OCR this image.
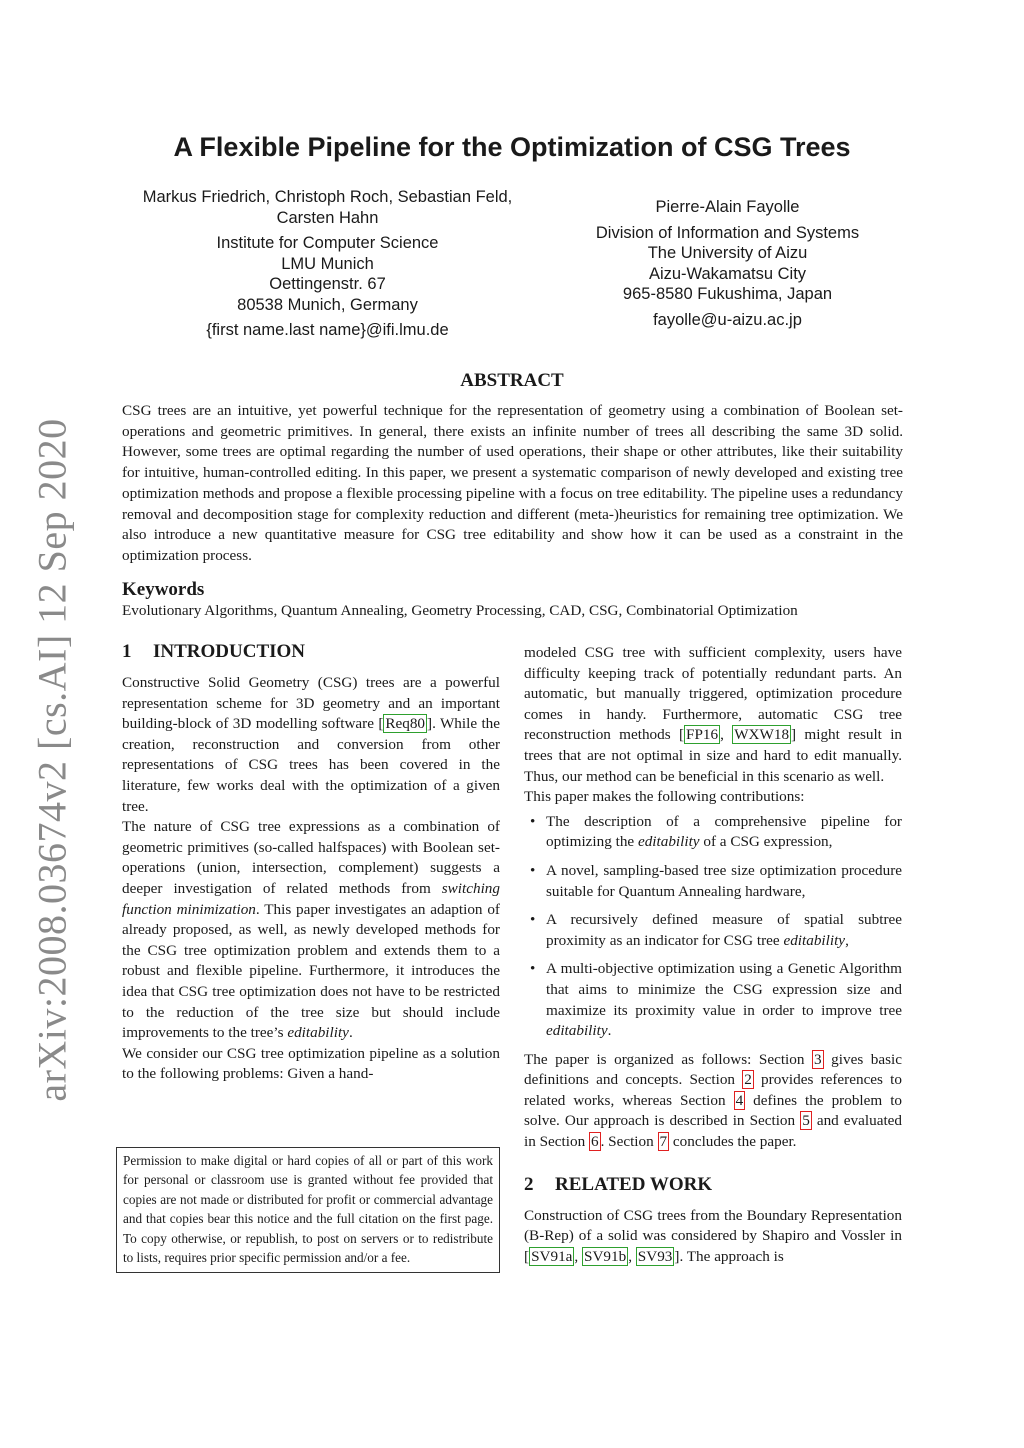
arXiv:2008.03674v2 [cs.AI] 12 Sep 2020
A Flexible Pipeline for the Optimization of CSG Trees
Markus Friedrich, Christoph Roch, Sebastian Feld,
Carsten Hahn
Institute for Computer Science
LMU Munich
Oettingenstr. 67
80538 Munich, Germany
{first name.last name}@ifi.lmu.de
Pierre-Alain Fayolle
Division of Information and Systems
The University of Aizu
Aizu-Wakamatsu City
965-8580 Fukushima, Japan
fayolle@u-aizu.ac.jp
ABSTRACT

CSG trees are an intuitive, yet powerful technique for the representation of geometry using a combination of Boolean set-operations and geometric primitives. In general, there exists an infinite number of trees all describing the same 3D solid. However, some trees are optimal regarding the number of used operations, their shape or other attributes, like their suitability for intuitive, human-controlled editing. In this paper, we present a systematic comparison of newly developed and existing tree optimization methods and propose a flexible processing pipeline with a focus on tree editability. The pipeline uses a redundancy removal and decomposition stage for complexity reduction and different (meta-)heuristics for remaining tree optimization. We also introduce a new quantitative measure for CSG tree editability and show how it can be used as a constraint in the optimization process.

Keywords

Evolutionary Algorithms, Quantum Annealing, Geometry Processing, CAD, CSG, Combinatorial Optimization

1 INTRODUCTION

Constructive Solid Geometry (CSG) trees are a powerful representation scheme for 3D geometry and an important building-block of 3D modelling software [ Req80 ]. While the creation, reconstruction and conversion from other representations of CSG trees has been covered in the literature, few works deal with the optimization of a given tree.

The nature of CSG tree expressions as a combination of geometric primitives (so-called halfspaces) with Boolean set-operations (union, intersection, complement) suggests a deeper investigation of related methods from switching function minimization. This paper investigates an adaption of already proposed, as well, as newly developed methods for the CSG tree optimization problem and extends them to a robust and flexible pipeline. Furthermore, it introduces the idea that CSG tree optimization does not have to be restricted to the reduction of the tree size but should include improvements to the tree’s editability.

We consider our CSG tree optimization pipeline as a solution to the following problems: Given a hand-

Permission to make digital or hard copies of all or part of this work for personal or classroom use is granted without fee provided that copies are not made or distributed for profit or commercial advantage and that copies bear this notice and the full citation on the first page. To copy otherwise, or republish, to post on servers or to redistribute to lists, requires prior specific permission and/or a fee.

modeled CSG tree with sufficient complexity, users have difficulty keeping track of potentially redundant parts. An automatic, but manually triggered, optimization procedure comes in handy. Furthermore, automatic CSG tree reconstruction methods [ FP16 , WXW18 ] might result in trees that are not optimal in size and hard to edit manually. Thus, our method can be beneficial in this scenario as well.

This paper makes the following contributions:

• The description of a comprehensive pipeline for optimizing the editability of a CSG expression,
• A novel, sampling-based tree size optimization procedure suitable for Quantum Annealing hardware,
• A recursively defined measure of spatial subtree proximity as an indicator for CSG tree editability,
• A multi-objective optimization using a Genetic Algorithm that aims to minimize the CSG expression size and maximize its proximity value in order to improve tree editability.

The paper is organized as follows: Section 3 gives basic definitions and concepts. Section 2 provides references to related works, whereas Section 4 defines the problem to solve. Our approach is described in Section 5 and evaluated in Section 6 . Section 7 concludes the paper.

2 RELATED WORK

Construction of CSG trees from the Boundary Representation (B-Rep) of a solid was considered by Shapiro and Vossler in [ SV91a , SV91b , SV93 ]. The approach is
